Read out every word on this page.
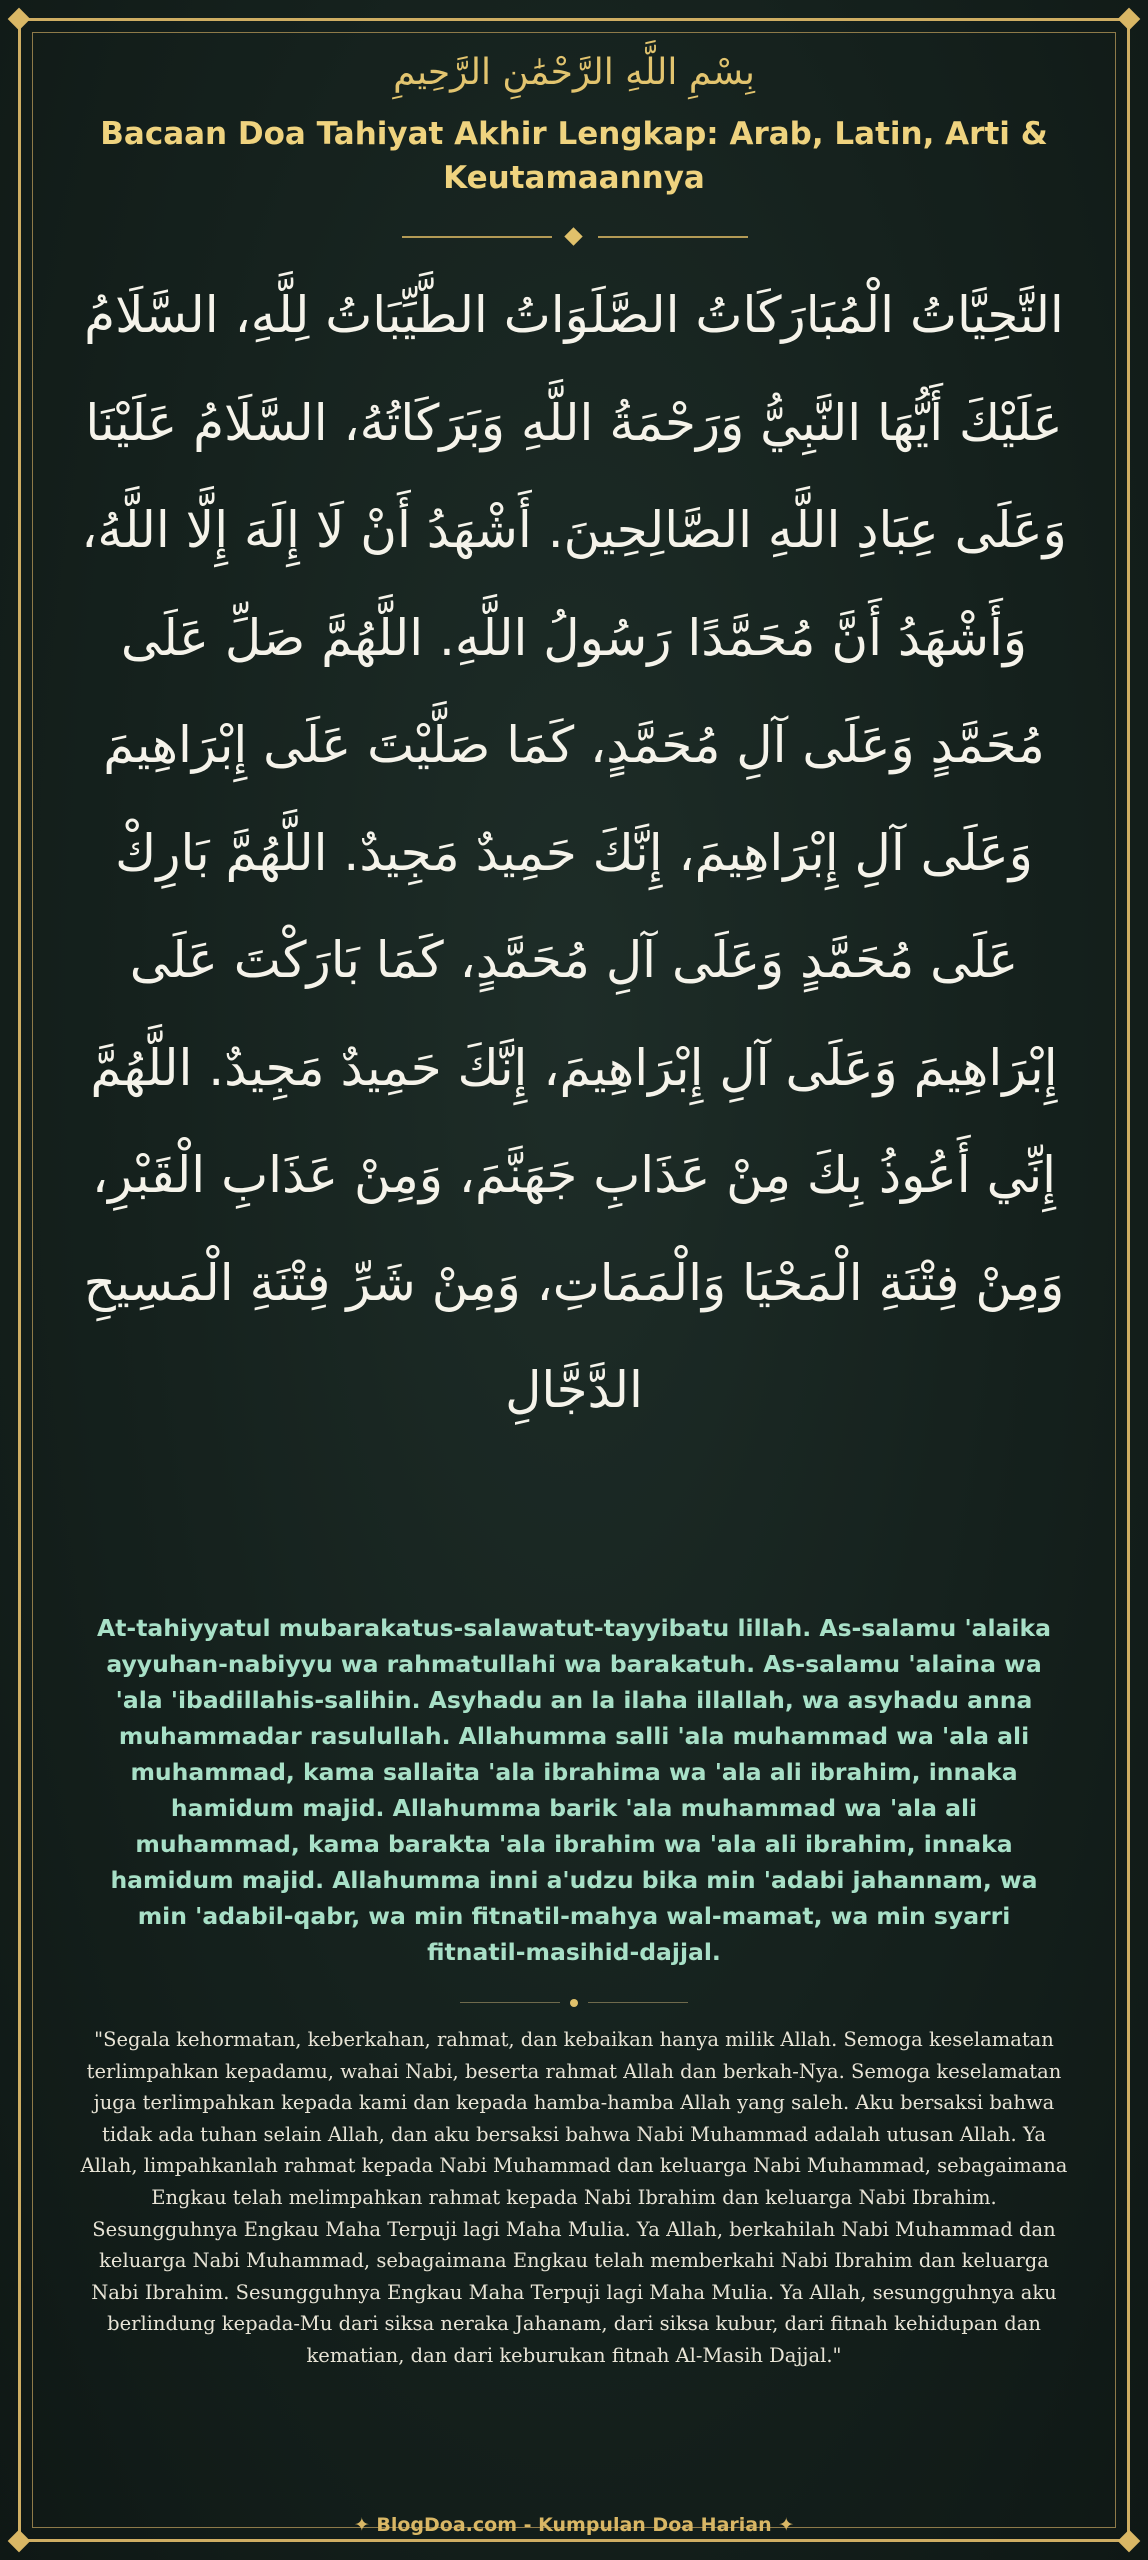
بِسْمِ اللَّهِ الرَّحْمَٰنِ الرَّحِيمِ
Bacaan Doa Tahiyat Akhir Lengkap: Arab, Latin, Arti & Keutamaannya
التَّحِيَّاتُ الْمُبَارَكَاتُ الصَّلَوَاتُ الطَّيِّبَاتُ لِلَّهِ، السَّلَامُ عَلَيْكَ أَيُّهَا النَّبِيُّ وَرَحْمَةُ اللَّهِ وَبَرَكَاتُهُ، السَّلَامُ عَلَيْنَا وَعَلَى عِبَادِ اللَّهِ الصَّالِحِينَ. أَشْهَدُ أَنْ لَا إِلَهَ إِلَّا اللَّهُ، وَأَشْهَدُ أَنَّ مُحَمَّدًا رَسُولُ اللَّهِ. اللَّهُمَّ صَلِّ عَلَى مُحَمَّدٍ وَعَلَى آلِ مُحَمَّدٍ، كَمَا صَلَّيْتَ عَلَى إِبْرَاهِيمَ وَعَلَى آلِ إِبْرَاهِيمَ، إِنَّكَ حَمِيدٌ مَجِيدٌ. اللَّهُمَّ بَارِكْ عَلَى مُحَمَّدٍ وَعَلَى آلِ مُحَمَّدٍ، كَمَا بَارَكْتَ عَلَى إِبْرَاهِيمَ وَعَلَى آلِ إِبْرَاهِيمَ، إِنَّكَ حَمِيدٌ مَجِيدٌ. اللَّهُمَّ إِنِّي أَعُوذُ بِكَ مِنْ عَذَابِ جَهَنَّمَ، وَمِنْ عَذَابِ الْقَبْرِ، وَمِنْ فِتْنَةِ الْمَحْيَا وَالْمَمَاتِ، وَمِنْ شَرِّ فِتْنَةِ الْمَسِيحِ الدَّجَّالِ
At-tahiyyatul mubarakatus-salawatut-tayyibatu lillah. As-salamu 'alaika ayyuhan-nabiyyu wa rahmatullahi wa barakatuh. As-salamu 'alaina wa 'ala 'ibadillahis-salihin. Asyhadu an la ilaha illallah, wa asyhadu anna muhammadar rasulullah. Allahumma salli 'ala muhammad wa 'ala ali muhammad, kama sallaita 'ala ibrahima wa 'ala ali ibrahim, innaka hamidum majid. Allahumma barik 'ala muhammad wa 'ala ali muhammad, kama barakta 'ala ibrahim wa 'ala ali ibrahim, innaka hamidum majid. Allahumma inni a'udzu bika min 'adabi jahannam, wa min 'adabil-qabr, wa min fitnatil-mahya wal-mamat, wa min syarri fitnatil-masihid-dajjal.
"Segala kehormatan, keberkahan, rahmat, dan kebaikan hanya milik Allah. Semoga keselamatan terlimpahkan kepadamu, wahai Nabi, beserta rahmat Allah dan berkah-Nya. Semoga keselamatan juga terlimpahkan kepada kami dan kepada hamba-hamba Allah yang saleh. Aku bersaksi bahwa tidak ada tuhan selain Allah, dan aku bersaksi bahwa Nabi Muhammad adalah utusan Allah. Ya Allah, limpahkanlah rahmat kepada Nabi Muhammad dan keluarga Nabi Muhammad, sebagaimana Engkau telah melimpahkan rahmat kepada Nabi Ibrahim dan keluarga Nabi Ibrahim. Sesungguhnya Engkau Maha Terpuji lagi Maha Mulia. Ya Allah, berkahilah Nabi Muhammad dan keluarga Nabi Muhammad, sebagaimana Engkau telah memberkahi Nabi Ibrahim dan keluarga Nabi Ibrahim. Sesungguhnya Engkau Maha Terpuji lagi Maha Mulia. Ya Allah, sesungguhnya aku berlindung kepada-Mu dari siksa neraka Jahanam, dari siksa kubur, dari fitnah kehidupan dan kematian, dan dari keburukan fitnah Al-Masih Dajjal."
✦ BlogDoa.com - Kumpulan Doa Harian ✦
